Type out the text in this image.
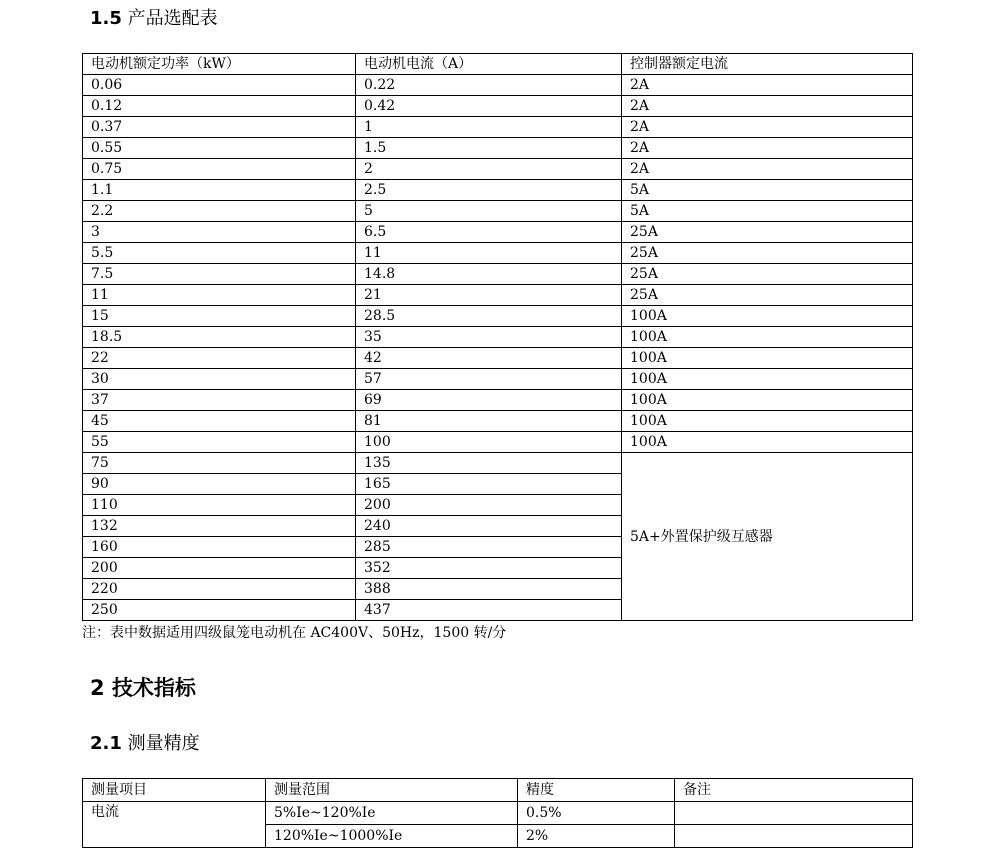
1.5 产品选配表
电动机额定功率（kW）	电动机电流（A）	控制器额定电流
0.06	0.22	2A
0.12	0.42	2A
0.37	1	2A
0.55	1.5	2A
0.75	2	2A
1.1	2.5	5A
2.2	5	5A
3	6.5	25A
5.5	11	25A
7.5	14.8	25A
11	21	25A
15	28.5	100A
18.5	35	100A
22	42	100A
30	57	100A
37	69	100A
45	81	100A
55	100	100A
75	135	5A+外置保护级互感器
90	165	
110	200	
132	240	
160	285	
200	352	
220	388	
250	437	

注：表中数据适用四级鼠笼电动机在 AC400V、50Hz，1500 转/分

2 技术指标
2.1 测量精度
测量项目	测量范围	精度	备注
电流	5%Ie~120%Ie	0.5%	
	120%Ie~1000%Ie	2%	
